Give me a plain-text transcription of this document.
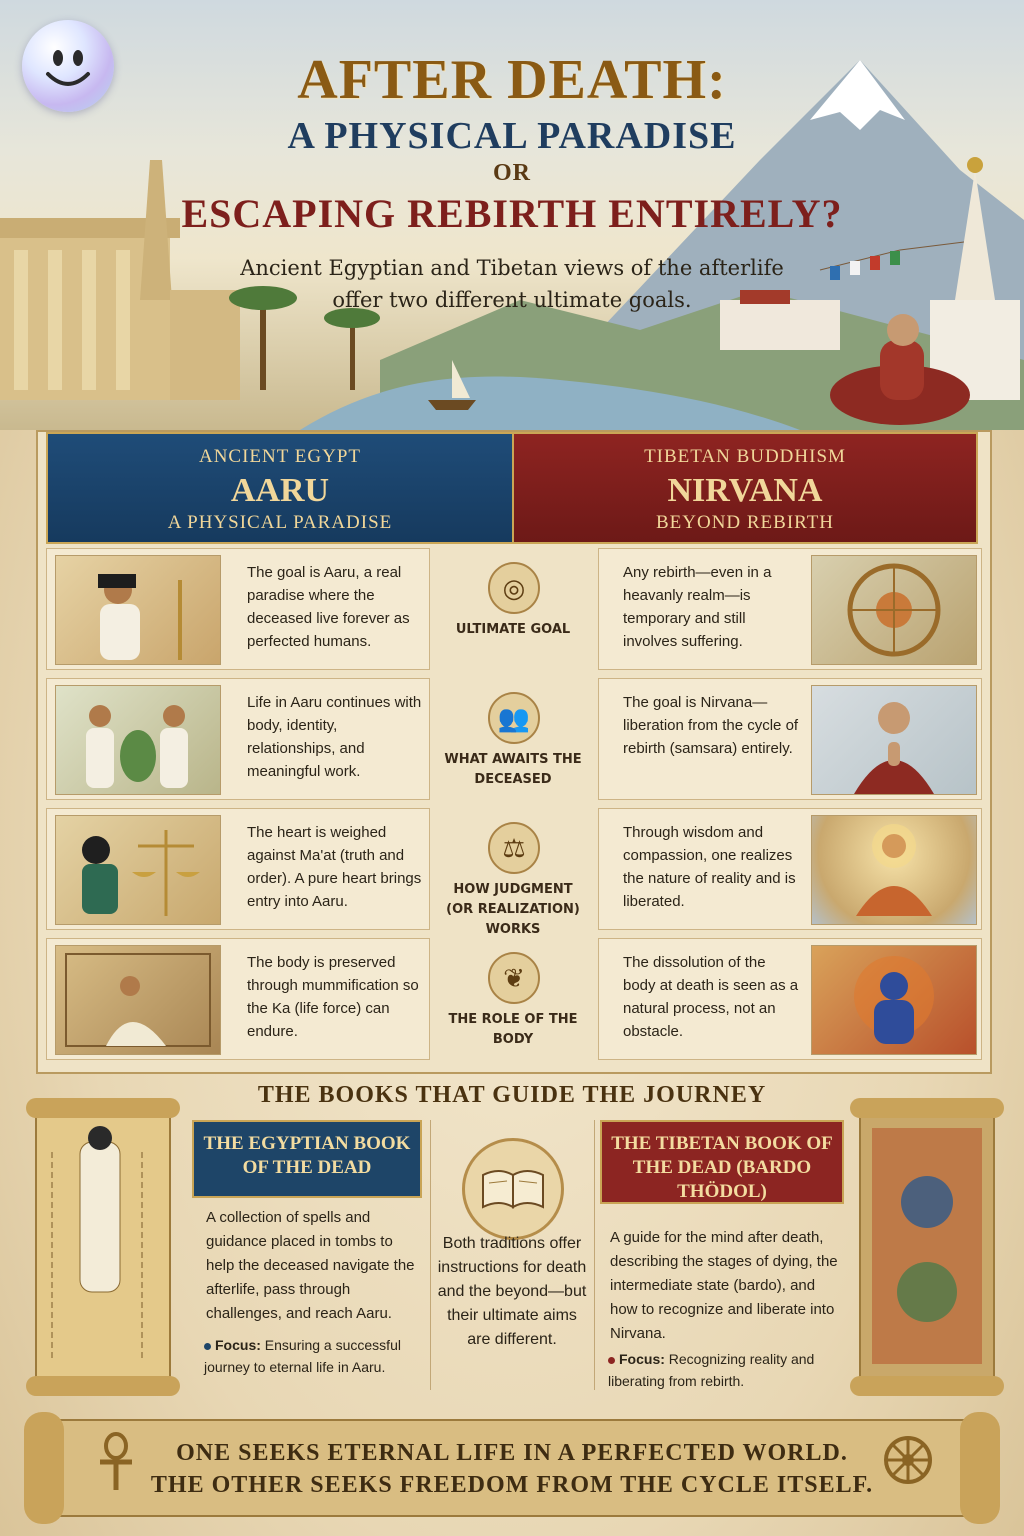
AFTER DEATH:
A PHYSICAL PARADISE
OR
ESCAPING REBIRTH ENTIRELY?
Ancient Egyptian and Tibetan views of the afterlife offer two different ultimate goals.
ANCIENT EGYPT
AARU
A PHYSICAL PARADISE
TIBETAN BUDDHISM
NIRVANA
BEYOND REBIRTH
The goal is Aaru, a real paradise where the deceased live forever as perfected humans.
◎
ULTIMATE GOAL
Any rebirth—even in a heavanly realm—is temporary and still involves suffering.
Life in Aaru continues with body, identity, relationships, and meaningful work.
👥
WHAT AWAITS THE DECEASED
The goal is Nirvana—liberation from the cycle of rebirth (samsara) entirely.
The heart is weighed against Ma'at (truth and order). A pure heart brings entry into Aaru.
⚖
HOW JUDGMENT (OR REALIZATION) WORKS
Through wisdom and compassion, one realizes the nature of reality and is liberated.
The body is preserved through mummification so the Ka (life force) can endure.
❦
THE ROLE OF THE BODY
The dissolution of the body at death is seen as a natural process, not an obstacle.
THE BOOKS THAT GUIDE THE JOURNEY
THE EGYPTIAN BOOK OF THE DEAD
A collection of spells and guidance placed in tombs to help the deceased navigate the afterlife, pass through challenges, and reach Aaru.
Focus: Ensuring a successful journey to eternal life in Aaru.
Both traditions offer instructions for death and the beyond—but their ultimate aims are different.
THE TIBETAN BOOK OF THE DEAD (BARDO THÖDOL)
A guide for the mind after death, describing the stages of dying, the intermediate state (bardo), and how to recognize and liberate into Nirvana.
Focus: Recognizing reality and liberating from rebirth.
ONE SEEKS ETERNAL LIFE IN A PERFECTED WORLD.
THE OTHER SEEKS FREEDOM FROM THE CYCLE ITSELF.
